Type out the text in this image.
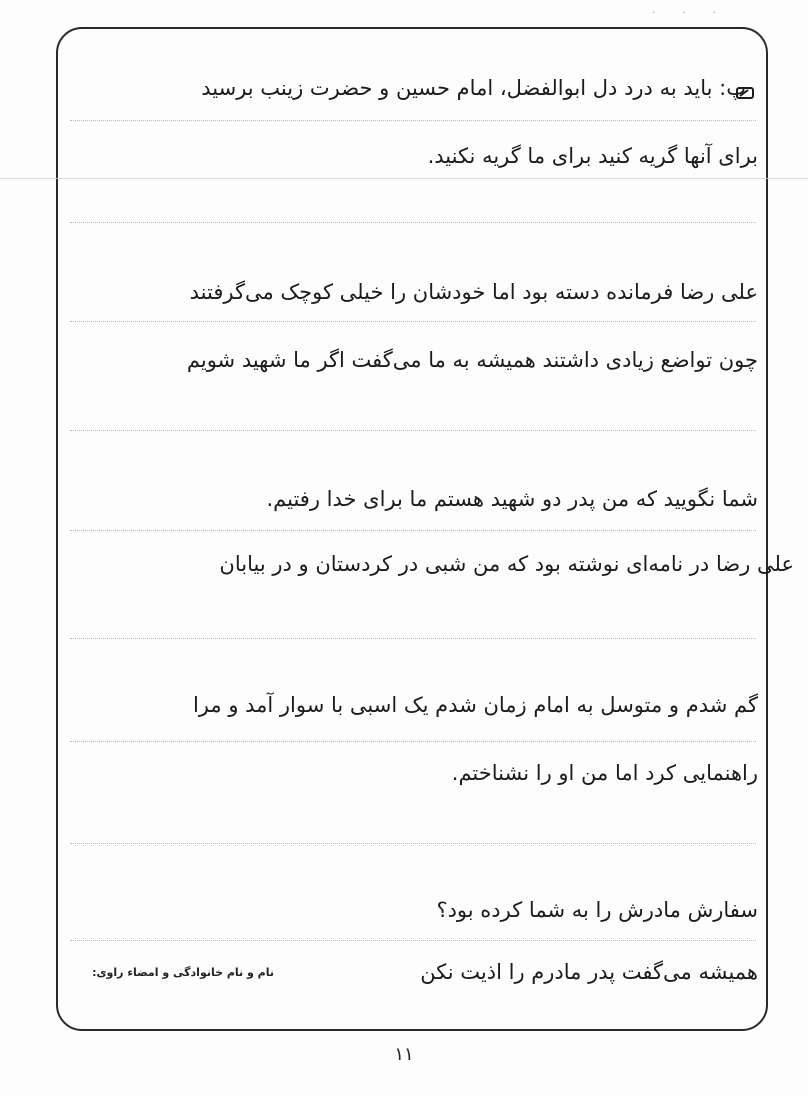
· · ·
پ: باید به درد دل ابوالفضل، امام حسین و حضرت زینب برسید
برای آنها گریه کنید برای ما گریه نکنید.
علی رضا فرمانده دسته بود اما خودشان را خیلی کوچک می‌گرفتند
چون تواضع زیادی داشتند همیشه به ما می‌گفت اگر ما شهید شویم
شما نگویید که من پدر دو شهید هستم ما برای خدا رفتیم.
علی رضا در نامه‌ای نوشته بود که من شبی در کردستان و در بیابان
گم شدم و متوسل به امام زمان شدم یک اسبی با سوار آمد و مرا
راهنمایی کرد اما من او را نشناختم.
سفارش مادرش را به شما کرده بود؟
همیشه می‌گفت پدر مادرم را اذیت نکن
نام و نام خانوادگی و امضاء راوی:
۱۱
